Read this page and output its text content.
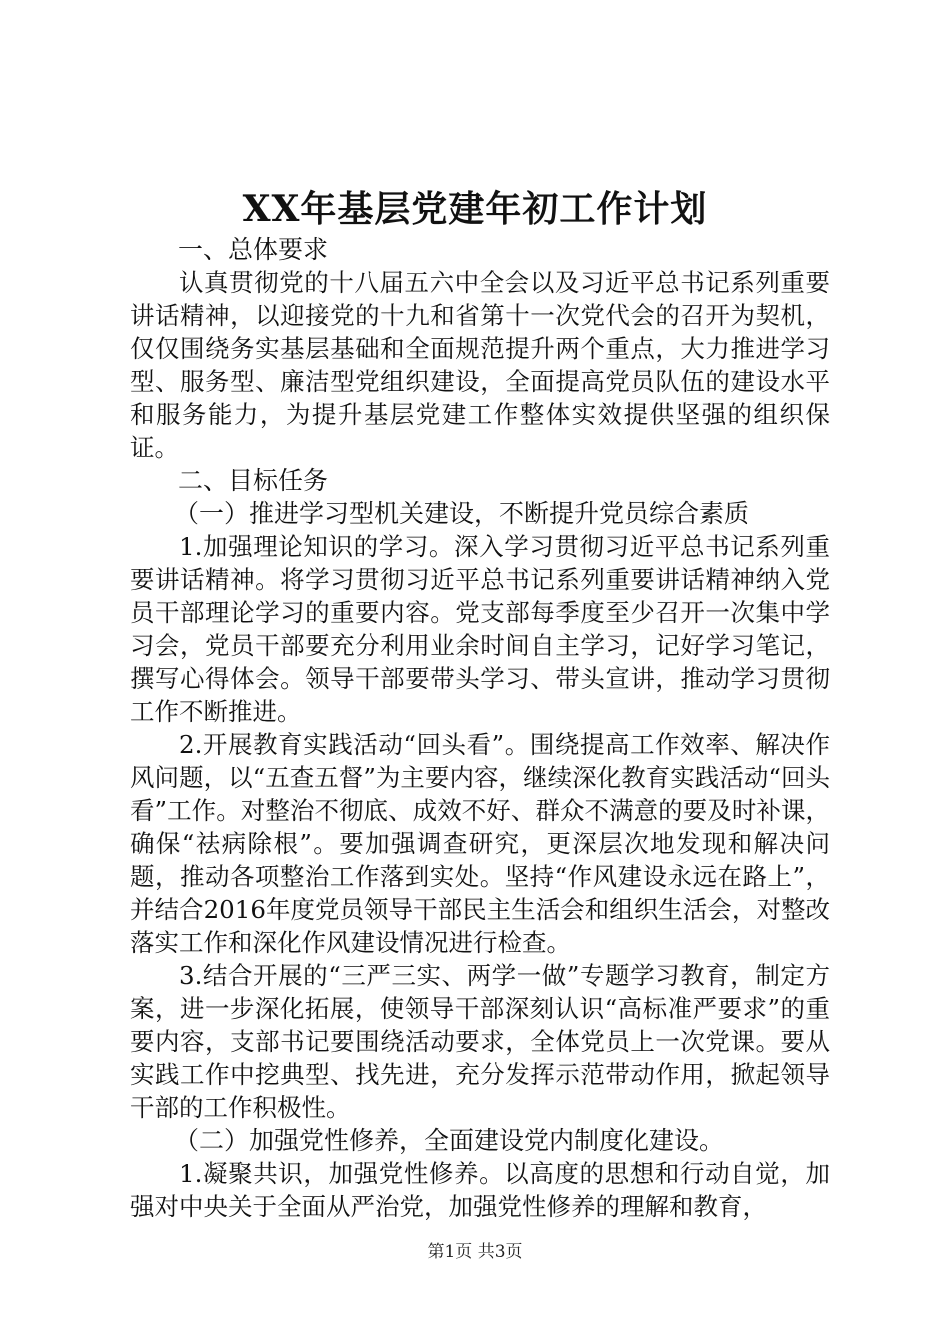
XX年基层党建年初工作计划
一、总体要求

认真贯彻党的十八届五六中全会以及习近平总书记系列重要讲话精神，以迎接党的十九和省第十一次党代会的召开为契机，仅仅围绕务实基层基础和全面规范提升两个重点，大力推进学习型、服务型、廉洁型党组织建设，全面提高党员队伍的建设水平和服务能力，为提升基层党建工作整体实效提供坚强的组织保证。

二、目标任务
（一）推进学习型机关建设，不断提升党员综合素质

1.加强理论知识的学习。深入学习贯彻习近平总书记系列重要讲话精神。将学习贯彻习近平总书记系列重要讲话精神纳入党员干部理论学习的重要内容。党支部每季度至少召开一次集中学习会，党员干部要充分利用业余时间自主学习，记好学习笔记，撰写心得体会。领导干部要带头学习、带头宣讲，推动学习贯彻工作不断推进。

2.开展教育实践活动“回头看”。围绕提高工作效率、解决作风问题，以“五查五督”为主要内容，继续深化教育实践活动“回头看”工作。对整治不彻底、成效不好、群众不满意的要及时补课，确保“祛病除根”。要加强调查研究，更深层次地发现和解决问题，推动各项整治工作落到实处。坚持“作风建设永远在路上”，并结合2016年度党员领导干部民主生活会和组织生活会，对整改落实工作和深化作风建设情况进行检查。

3.结合开展的“三严三实、两学一做”专题学习教育，制定方案，进一步深化拓展，使领导干部深刻认识“高标准严要求”的重要内容，支部书记要围绕活动要求，全体党员上一次党课。要从实践工作中挖典型、找先进，充分发挥示范带动作用，掀起领导干部的工作积极性。

（二）加强党性修养，全面建设党内制度化建设。

1.凝聚共识，加强党性修养。以高度的思想和行动自觉，加强对中央关于全面从严治党，加强党性修养的理解和教育，

第1页 共3页
